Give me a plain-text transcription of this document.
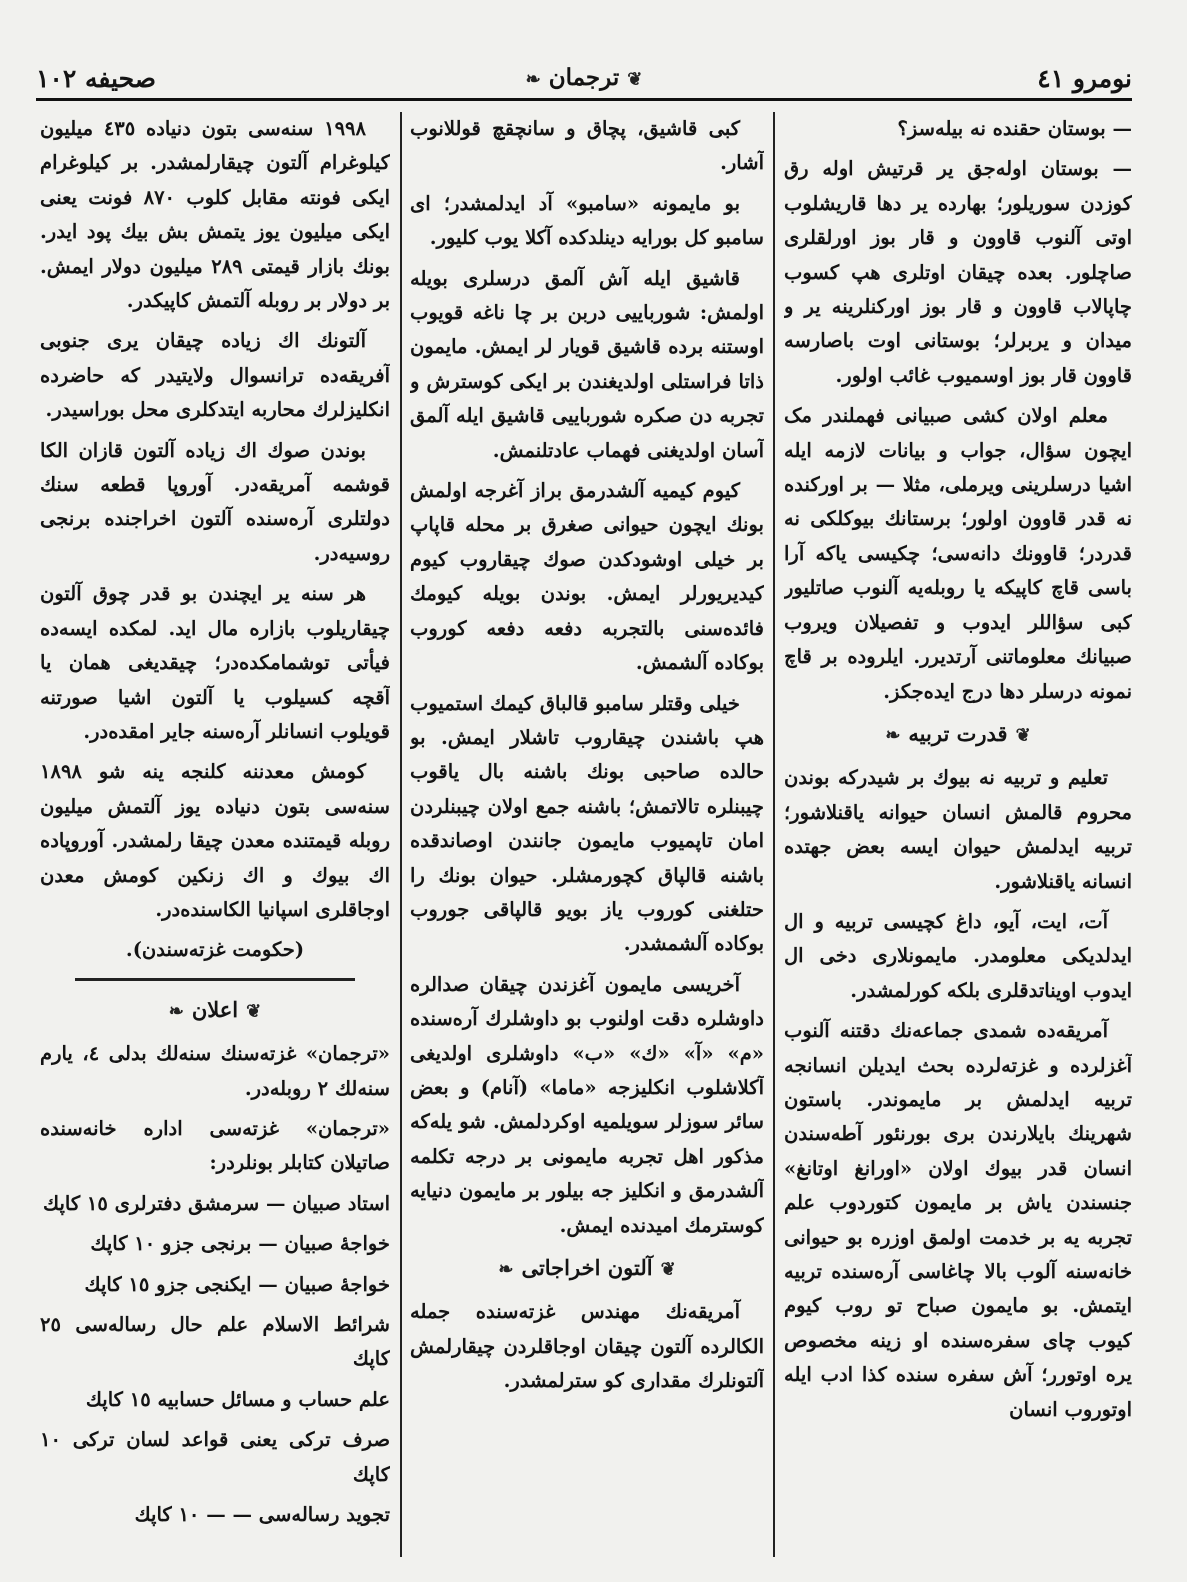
نومرو ٤١
❦ترجمان❧
صحیفه ١٠٢

— بوستان حقنده نه بیله‌سز؟

— بوستان اوله‌جق یر قرتیش اوله رق کوزدن سوریلور؛ بهارده یر دها قاریشلوب اوتی آلنوب قاوون و قار بوز اورلقلری صاچلور. بعده چیقان اوتلری هپ کسوب چاپالاب قاوون و قار بوز اورکنلرینه یر و میدان و یربرلر؛ بوستانی اوت باصارسه قاوون قار بوز اوسمیوب غائب اولور.

معلم اولان کشی صبیانی فهملندر مک ایچون سؤال، جواب و بیانات لازمه ایله اشیا درسلرینی ویرملی، مثلا — بر اورکنده نه قدر قاوون اولور؛ برستانك بیوکلکی نه قدردر؛ قاوونك دانه‌سی؛ چکیسی یاکه آرا باسی قاچ کاپیکه یا روبله‌یه آلنوب صاتلیور کبی سؤاللر ایدوب و تفصیلان ویروب صبیانك معلوماتنی آرتدیرر. ایلروده بر قاچ نمونه درسلر دها درج ایده‌جکز.

❦قدرت تربیه❧

تعلیم و تربیه نه بیوك بر شیدرکه بوندن محروم قالمش انسان حیوانه یاقنلاشور؛ تربیه ایدلمش حیوان ایسه بعض جهتده انسانه یاقنلاشور.

آت، ایت، آیو، داغ کچیسی تربیه و ال ایدلدیکی معلومدر. مایمونلاری دخی ال ایدوب اویناتدقلری بلکه کورلمشدر.

آمریقه‌ده شمدی جماعه‌نك دقتنه آلنوب آغزلرده و غزته‌لرده بحث ایدیلن انسانجه تربیه ایدلمش بر مایموندر. باستون شهرینك بایلارندن بری بورنئور آطه‌سندن انسان قدر بیوك اولان «اورانغ اوتانغ» جنسندن یاش بر مایمون کتوردوب علم تجربه یه بر خدمت اولمق اوزره بو حیوانی خانه‌سنه آلوب بالا چاغاسی آره‌سنده تربیه ایتمش. بو مایمون صباح تو روب کیوم کیوب چای سفره‌سنده او زینه مخصوص یره اوتورر؛ آش سفره سنده کذا ادب ایله اوتوروب انسان

کبی قاشیق، پچاق و سانچقچ قوللانوب آشار.

بو مایمونه «سامبو» آد ایدلمشدر؛ ای سامبو کل بورایه دینلدکده آکلا یوب کلیور.

قاشیق ایله آش آلمق درسلری بویله اولمش: شورباییی دربن بر چا ناغه قویوب اوستنه برده قاشیق قویار لر ایمش. مایمون ذاتا فراستلی اولدیغندن بر ایکی کوسترش و تجربه دن صکره شورباییی قاشیق ایله آلمق آسان اولدیغنی فهماب عادتلنمش.

کیوم کیمیه آلشدرمق براز آغرجه اولمش بونك ایچون حیوانی صغرق بر محله قاپاپ بر خیلی اوشودکدن صوك چیقاروب کیوم کیدیریورلر ایمش. بوندن بویله کیومك فائده‌سنی بالتجربه دفعه دفعه کوروب بوکاده آلشمش.

خیلی وقتلر سامبو قالباق کیمك استمیوب هپ باشندن چیقاروب تاشلار ایمش. بو حالده صاحبی بونك باشنه بال یاقوب چیبنلره تالاتمش؛ باشنه جمع اولان چیبنلردن امان تاپمیوب مایمون جانندن اوصاندقده باشنه قالپاق کچورمشلر. حیوان بونك را حتلغنی کوروب یاز بویو قالپاقی جوروب بوکاده آلشمشدر.

آخریسی مایمون آغزندن چیقان صدالره داوشلره دقت اولنوب بو داوشلرك آره‌سنده «م» «آ» «ك» «ب» داوشلری اولدیغی آکلاشلوب انکلیزجه «ماما» (آنام) و بعض سائر سوزلر سویلمیه اوکردلمش. شو یله‌که مذکور اهل تجربه مایمونی بر درجه تکلمه آلشدرمق و انکلیز جه بیلور بر مایمون دنیایه کوسترمك امیدنده ایمش.

❦آلتون اخراجاتی❧

آمریقه‌نك مهندس غزته‌سنده جمله الکالرده آلتون چیقان اوجاقلردن چیقارلمش آلتونلرك مقداری کو سترلمشدر.

١٩٩٨ سنه‌سی بتون دنیاده ٤٣٥ میلیون کیلوغرام آلتون چیقارلمشدر. بر کیلوغرام ایکی فونته مقابل کلوب ٨٧٠ فونت یعنی ایکی میلیون یوز یتمش بش بیك پود ایدر. بونك بازار قیمتی ٢٨٩ میلیون دولار ایمش. بر دولار بر روبله آلتمش کاپیکدر.

آلتونك اك زیاده چیقان یری جنوبی آفریقه‌ده ترانسوال ولایتیدر که حاضرده انکلیزلرك محاربه ایتدکلری محل بوراسیدر.

بوندن صوك اك زیاده آلتون قازان الکا قوشمه آمریقه‌در. آوروپا قطعه سنك دولتلری آره‌سنده آلتون اخراجنده برنجی روسیه‌در.

هر سنه یر ایچندن بو قدر چوق آلتون چیقاریلوب بازاره مال اید. لمکده ایسه‌ده فیأتی توشمامکده‌در؛ چیقدیغی همان یا آقچه کسیلوب یا آلتون اشیا صورتنه قویلوب انسانلر آره‌سنه جایر امقده‌در.

کومش معدننه کلنجه ینه شو ١٨٩٨ سنه‌سی بتون دنیاده یوز آلتمش میلیون روبله قیمتنده معدن چیقا رلمشدر. آوروپاده اك بیوك و اك زنکین کومش معدن اوجاقلری اسپانیا الکاسنده‌در.

(حکومت غزته‌سندن).

❦اعلان❧

«ترجمان» غزته‌سنك سنه‌لك بدلی ٤، یارم سنه‌لك ٢ روبله‌در.

«ترجمان» غزته‌سی اداره خانه‌سنده صاتیلان کتابلر بونلردر:

استاد صبیان — سرمشق دفترلری ١٥ کاپك

خواجهٔ صبیان — برنجی جزو ١٠ کاپك

خواجهٔ صبیان — ایکنجی جزو ١٥ کاپك

شرائط الاسلام علم حال رساله‌سی ٢٥ کاپك

علم حساب و مسائل حسابیه ١٥ کاپك

صرف ترکی یعنی قواعد لسان ترکی ١٠ کاپك

تجوید رساله‌سی — — ١٠ کاپك
